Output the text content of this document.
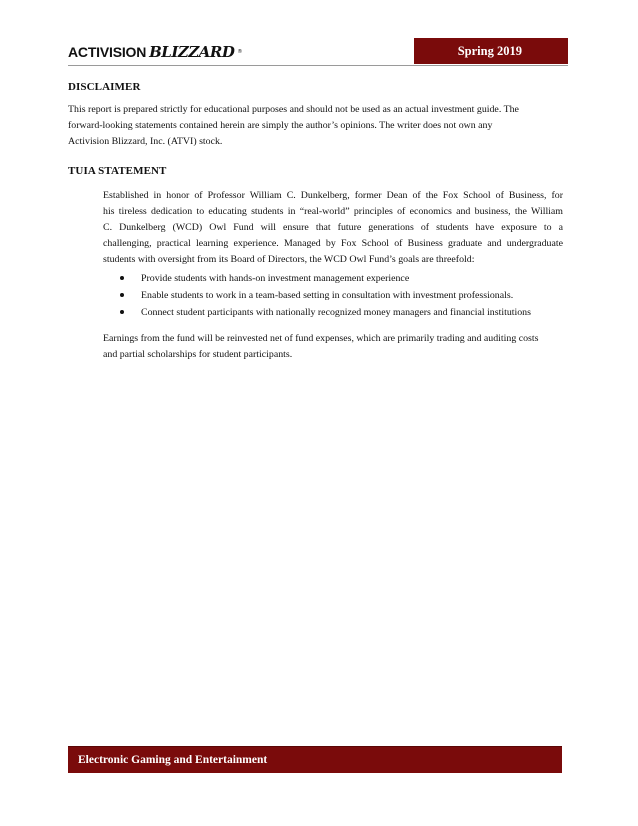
ACTIVISION BLIZZARD ®	Spring 2019
DISCLAIMER
This report is prepared strictly for educational purposes and should not be used as an actual investment guide. The
forward-looking statements contained herein are simply the author’s opinions. The writer does not own any
Activision Blizzard, Inc. (ATVI) stock.
TUIA STATEMENT
Established in honor of Professor William C. Dunkelberg, former Dean of the Fox School of Business, for
his tireless dedication to educating students in “real-world” principles of economics and business, the William
C. Dunkelberg (WCD) Owl Fund will ensure that future generations of students have exposure to a
challenging, practical learning experience. Managed by Fox School of Business graduate and undergraduate
students with oversight from its Board of Directors, the WCD Owl Fund’s goals are threefold:
Provide students with hands-on investment management experience
Enable students to work in a team-based setting in consultation with investment professionals.
Connect student participants with nationally recognized money managers and financial institutions
Earnings from the fund will be reinvested net of fund expenses, which are primarily trading and auditing costs
and partial scholarships for student participants.
Electronic Gaming and Entertainment
